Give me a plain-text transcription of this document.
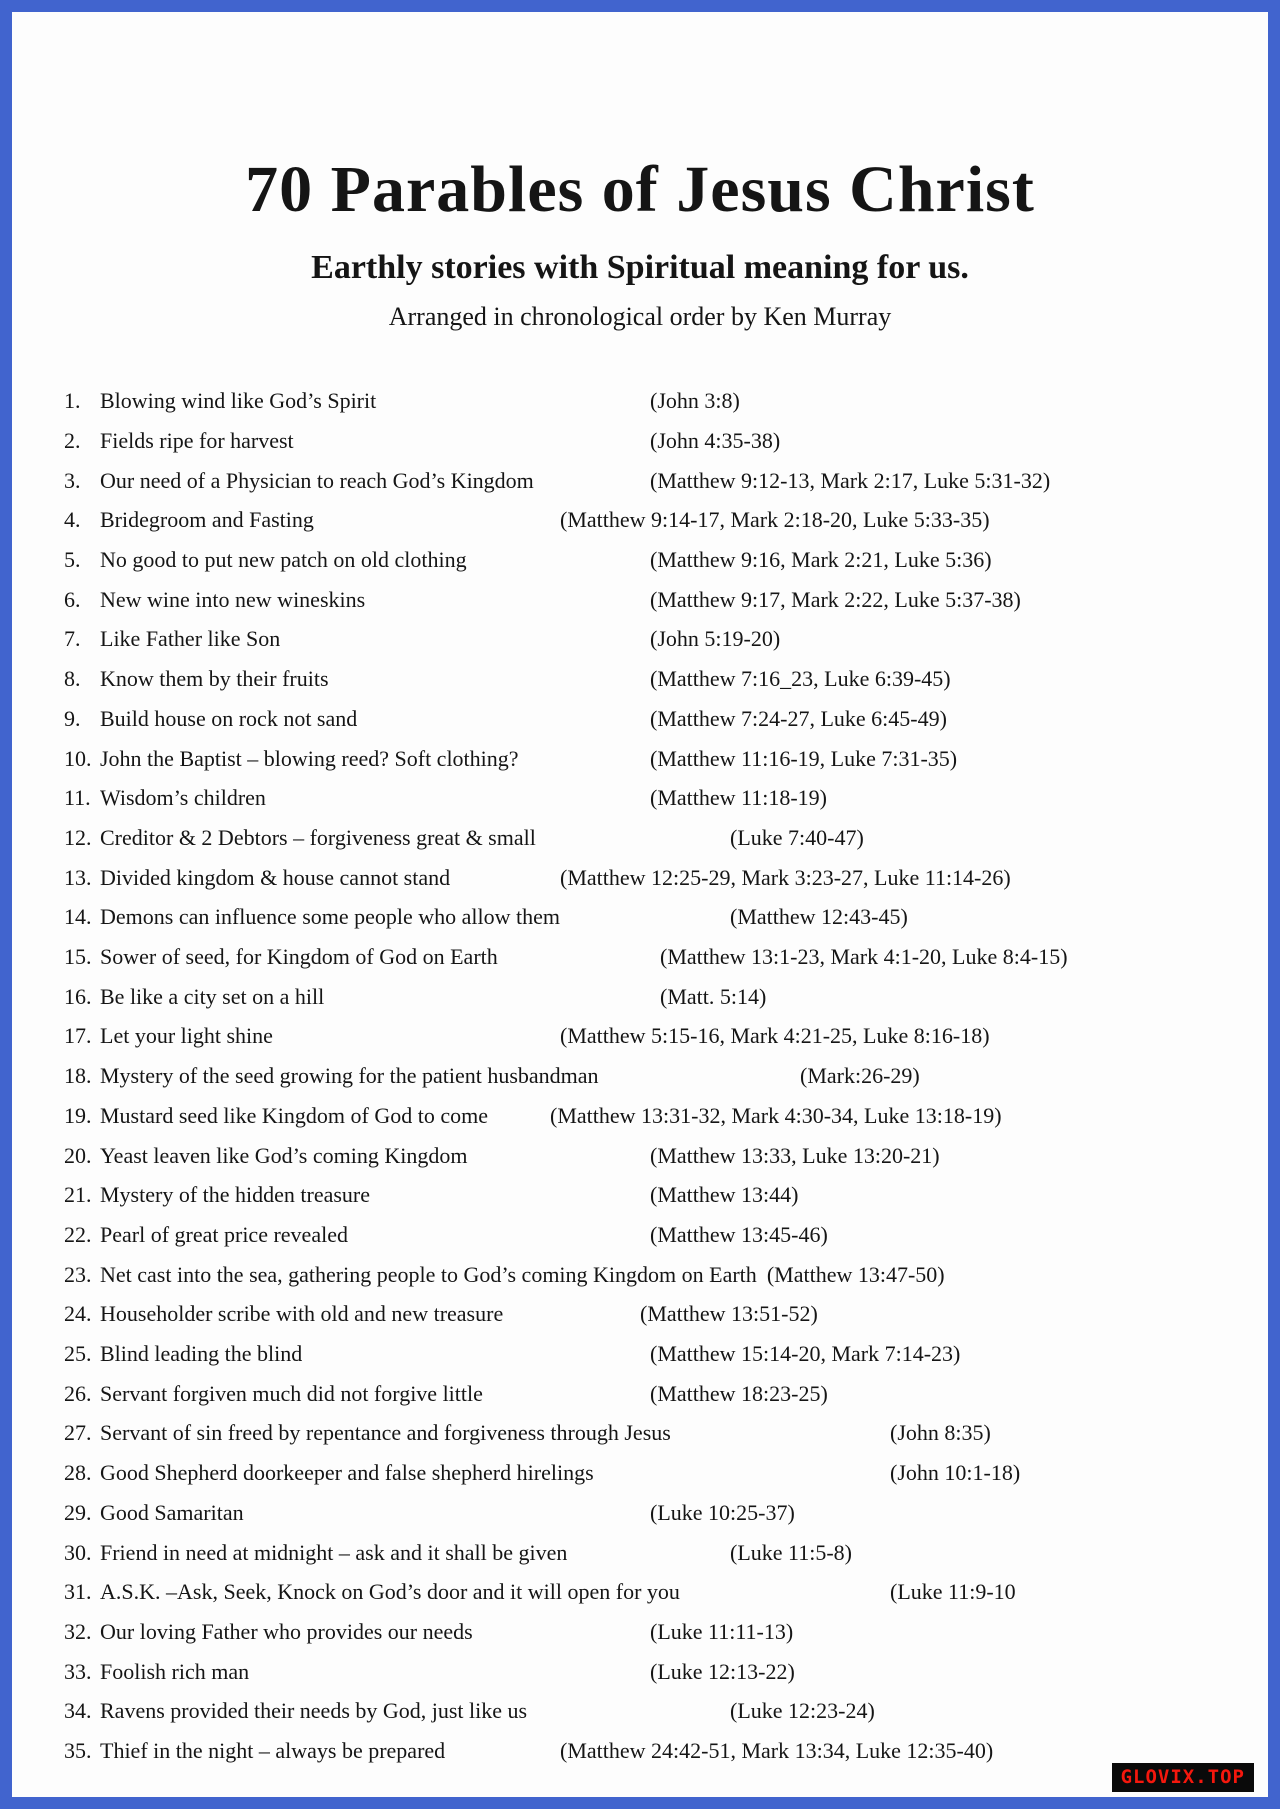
70 Parables of Jesus Christ
Earthly stories with Spiritual meaning for us.
Arranged in chronological order by Ken Murray
1. Blowing wind like God’s Spirit	(John 3:8)
2. Fields ripe for harvest	(John 4:35-38)
3. Our need of a Physician to reach God’s Kingdom	(Matthew 9:12-13, Mark 2:17, Luke 5:31-32)
4. Bridegroom and Fasting	(Matthew 9:14-17, Mark 2:18-20, Luke 5:33-35)
5. No good to put new patch on old clothing	(Matthew 9:16, Mark 2:21, Luke 5:36)
6. New wine into new wineskins	(Matthew 9:17, Mark 2:22, Luke 5:37-38)
7. Like Father like Son	(John 5:19-20)
8. Know them by their fruits	(Matthew 7:16_23, Luke 6:39-45)
9. Build house on rock not sand	(Matthew 7:24-27, Luke 6:45-49)
10. John the Baptist – blowing reed? Soft clothing?	(Matthew 11:16-19, Luke 7:31-35)
11. Wisdom’s children	(Matthew 11:18-19)
12. Creditor & 2 Debtors – forgiveness great & small	(Luke 7:40-47)
13. Divided kingdom & house cannot stand	(Matthew 12:25-29, Mark 3:23-27, Luke 11:14-26)
14. Demons can influence some people who allow them	(Matthew 12:43-45)
15. Sower of seed, for Kingdom of God on Earth	(Matthew 13:1-23, Mark 4:1-20, Luke 8:4-15)
16. Be like a city set on a hill	(Matt. 5:14)
17. Let your light shine	(Matthew 5:15-16, Mark 4:21-25, Luke 8:16-18)
18. Mystery of the seed growing for the patient husbandman	(Mark:26-29)
19. Mustard seed like Kingdom of God to come	(Matthew 13:31-32, Mark 4:30-34, Luke 13:18-19)
20. Yeast leaven like God’s coming Kingdom	(Matthew 13:33, Luke 13:20-21)
21. Mystery of the hidden treasure	(Matthew 13:44)
22. Pearl of great price revealed	(Matthew 13:45-46)
23. Net cast into the sea, gathering people to God’s coming Kingdom on Earth (Matthew 13:47-50)
24. Householder scribe with old and new treasure	(Matthew 13:51-52)
25. Blind leading the blind	(Matthew 15:14-20, Mark 7:14-23)
26. Servant forgiven much did not forgive little	(Matthew 18:23-25)
27. Servant of sin freed by repentance and forgiveness through Jesus	(John 8:35)
28. Good Shepherd doorkeeper and false shepherd hirelings	(John 10:1-18)
29. Good Samaritan	(Luke 10:25-37)
30. Friend in need at midnight – ask and it shall be given	(Luke 11:5-8)
31. A.S.K. –Ask, Seek, Knock on God’s door and it will open for you	(Luke 11:9-10
32. Our loving Father who provides our needs	(Luke 11:11-13)
33. Foolish rich man	(Luke 12:13-22)
34. Ravens provided their needs by God, just like us	(Luke 12:23-24)
35. Thief in the night – always be prepared	(Matthew 24:42-51, Mark 13:34, Luke 12:35-40)
GLOVIX.TOP
